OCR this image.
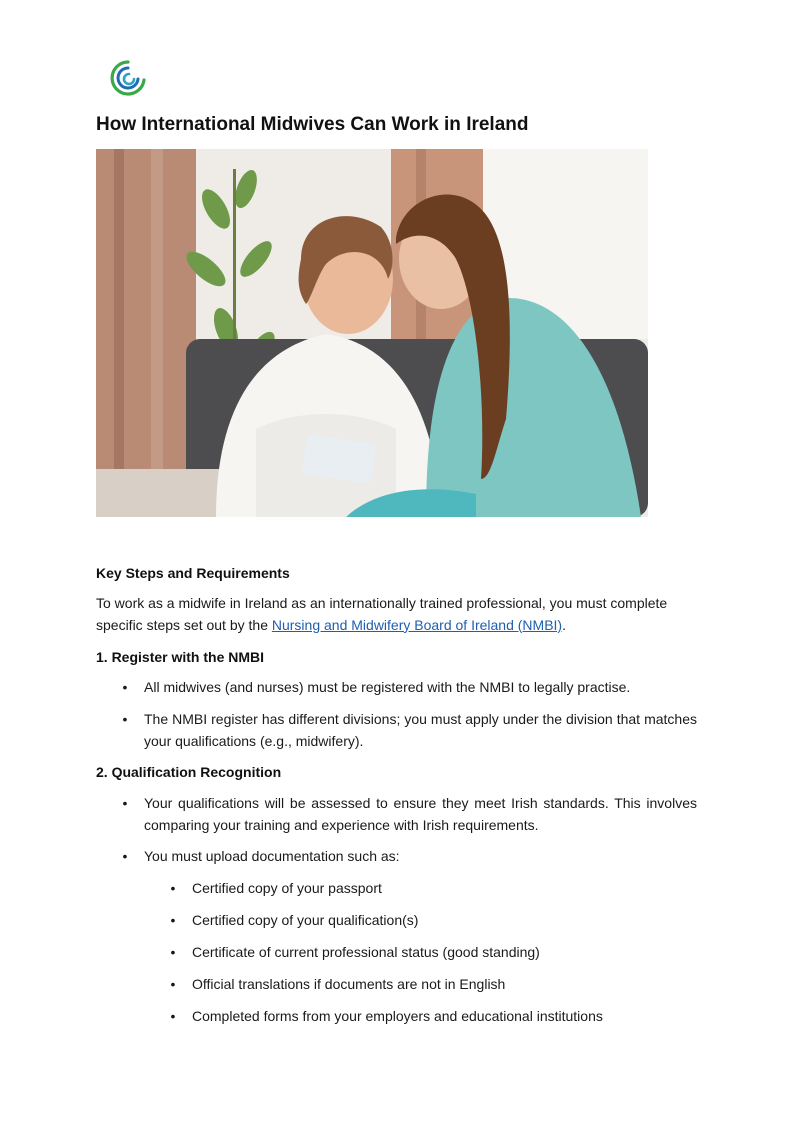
How International Midwives Can Work in Ireland
Key Steps and Requirements

To work as a midwife in Ireland as an internationally trained professional, you must complete specific steps set out by the Nursing and Midwifery Board of Ireland (NMBI).

1. Register with the NMBI

• All midwives (and nurses) must be registered with the NMBI to legally practise.

• The NMBI register has different divisions; you must apply under the division that matches your qualifications (e.g., midwifery).

2. Qualification Recognition

• Your qualifications will be assessed to ensure they meet Irish standards. This involves comparing your training and experience with Irish requirements.

• You must upload documentation such as:

• Certified copy of your passport

• Certified copy of your qualification(s)

• Certificate of current professional status (good standing)

• Official translations if documents are not in English

• Completed forms from your employers and educational institutions
